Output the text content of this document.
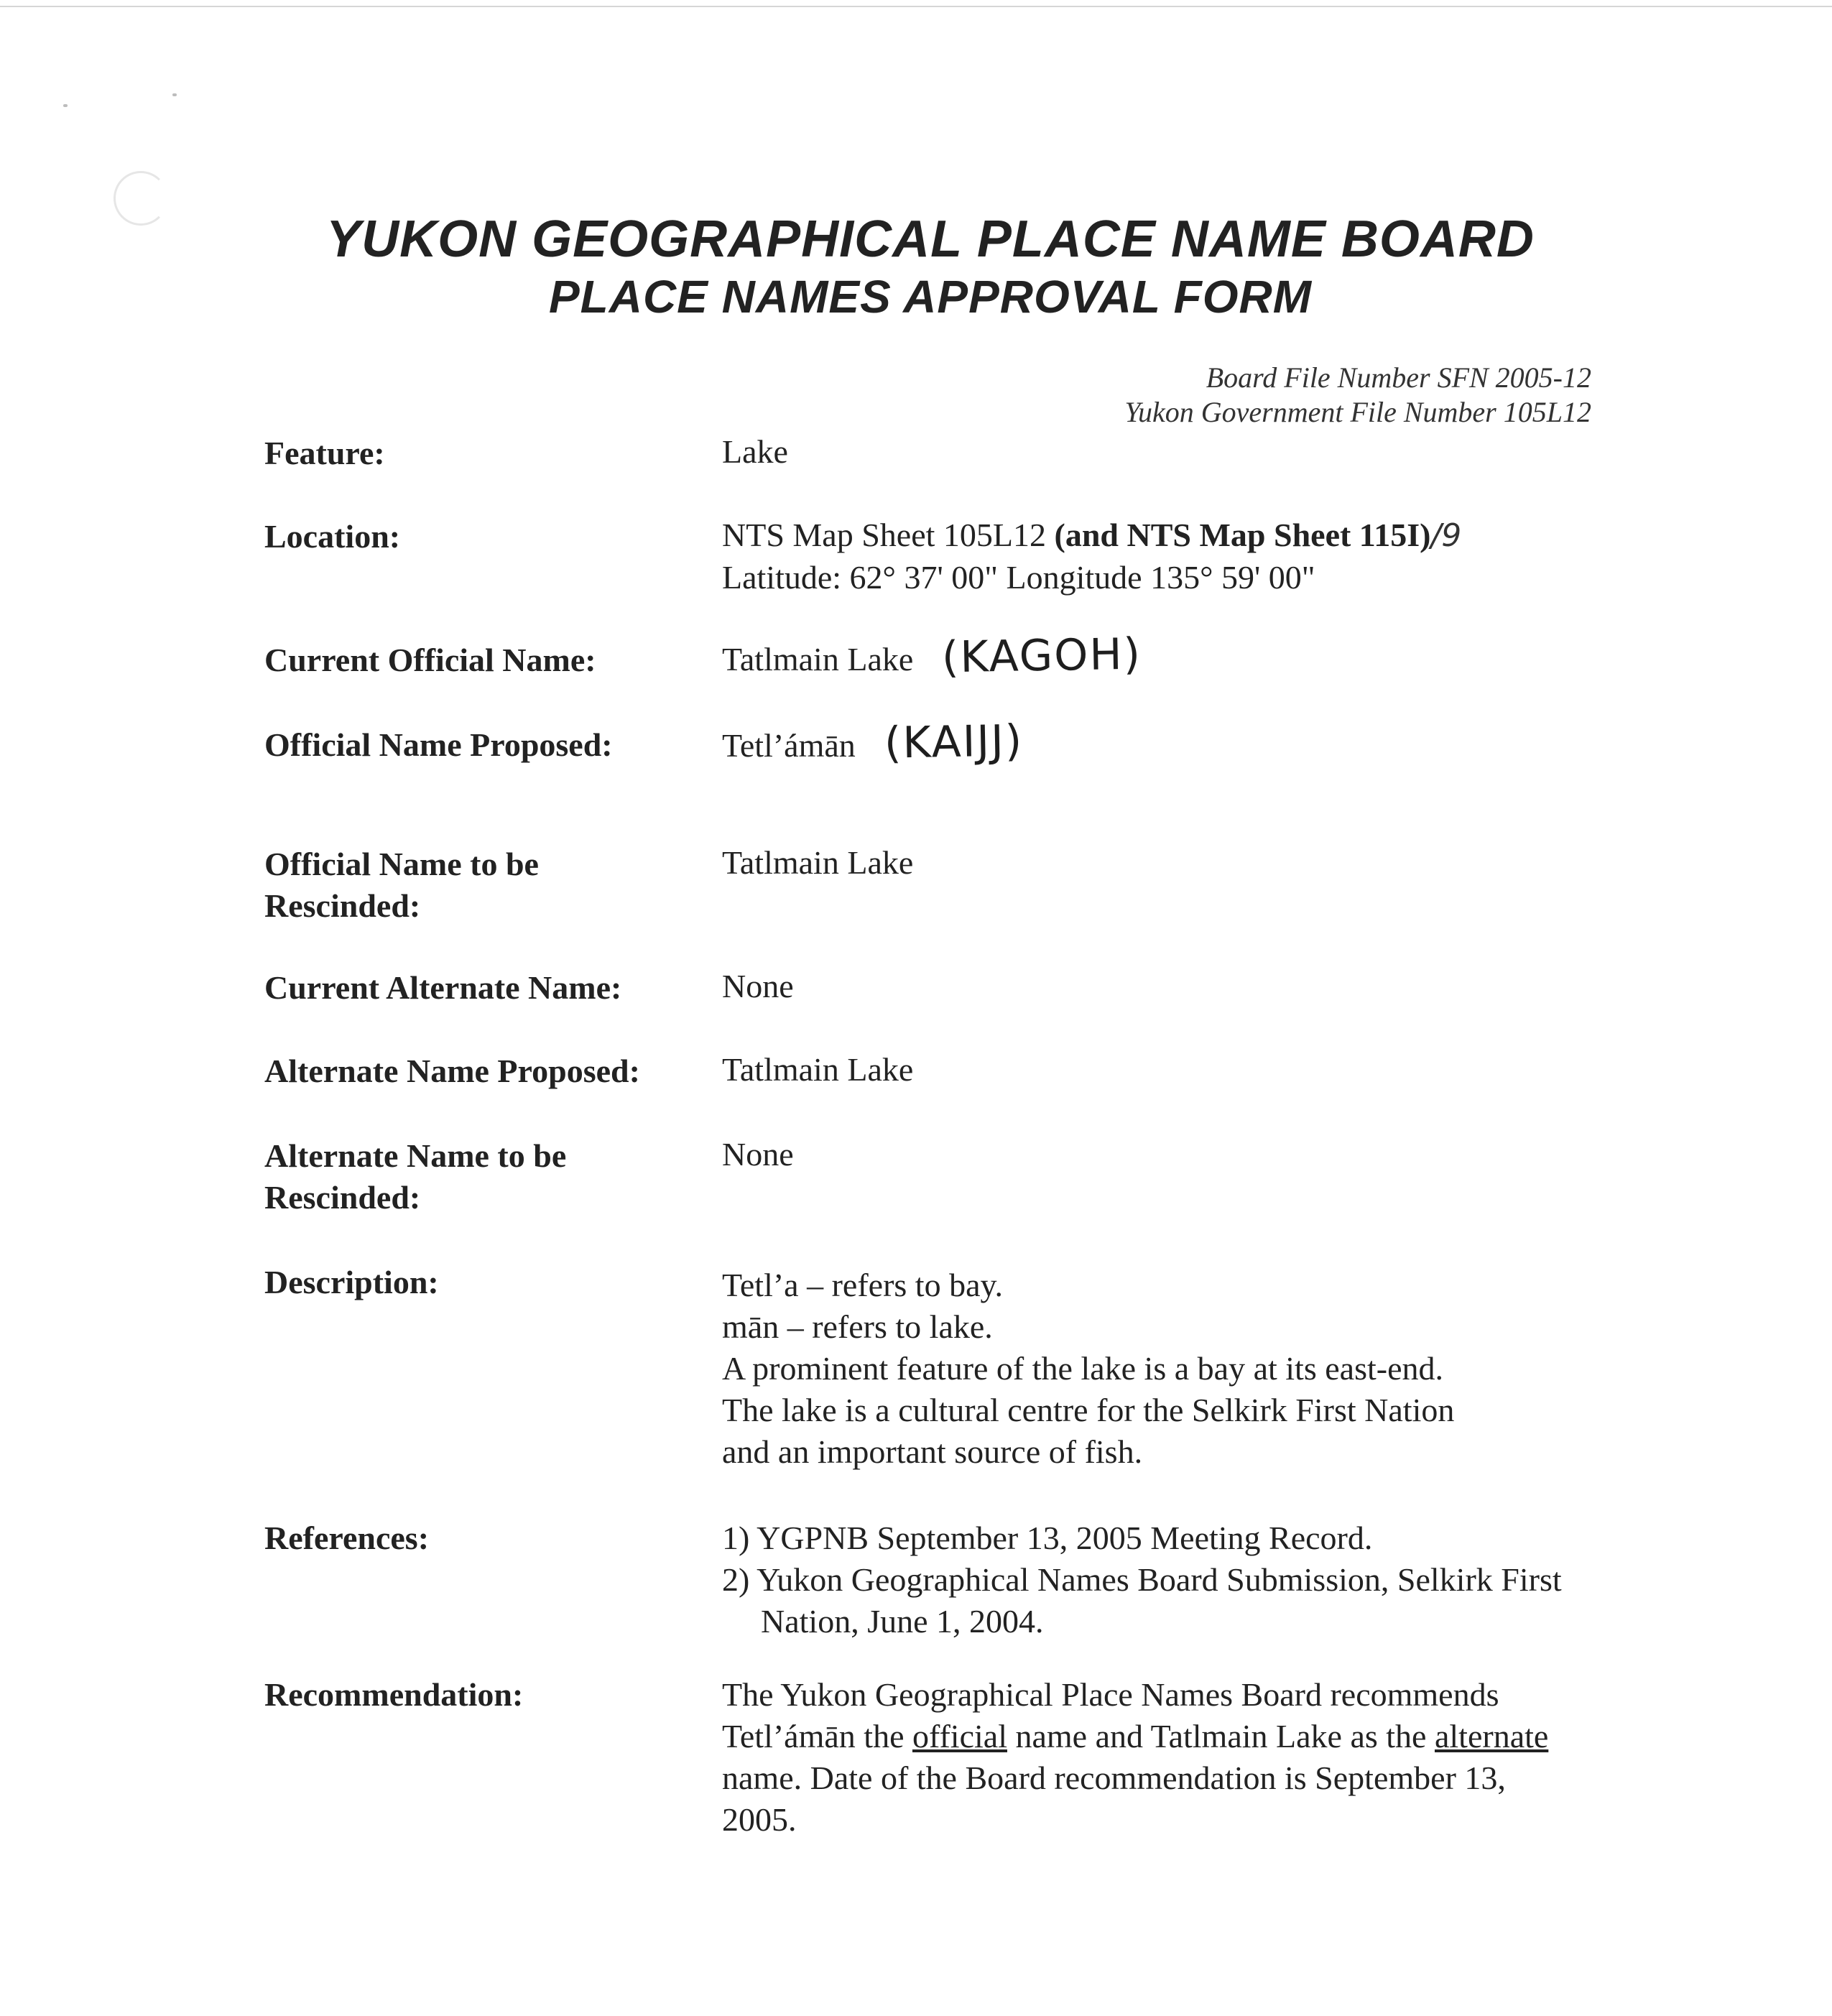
YUKON GEOGRAPHICAL PLACE NAME BOARD
PLACE NAMES APPROVAL FORM
Board File Number SFN 2005-12
Yukon Government File Number 105L12
Feature:	Lake
Location:	NTS Map Sheet 105L12 (and NTS Map Sheet 115I)/9
Latitude: 62° 37' 00" Longitude 135° 59' 00"
Current Official Name:	Tatlmain Lake (KAGOH)
Official Name Proposed:	Tetl’ámān (KAIJJ)
Official Name to be Rescinded:
Tatlmain Lake
Current Alternate Name:	None
Alternate Name Proposed:	Tatlmain Lake
Alternate Name to be Rescinded:
None
Description:	Tetl’a – refers to bay.
mān – refers to lake.
A prominent feature of the lake is a bay at its east-end.
The lake is a cultural centre for the Selkirk First Nation
and an important source of fish.
References:	1) YGPNB September 13, 2005 Meeting Record.
2) Yukon Geographical Names Board Submission, Selkirk First Nation, June 1, 2004.
Recommendation:	The Yukon Geographical Place Names Board recommends Tetl’ámān the official name and Tatlmain Lake as the alternate name. Date of the Board recommendation is September 13, 2005.
